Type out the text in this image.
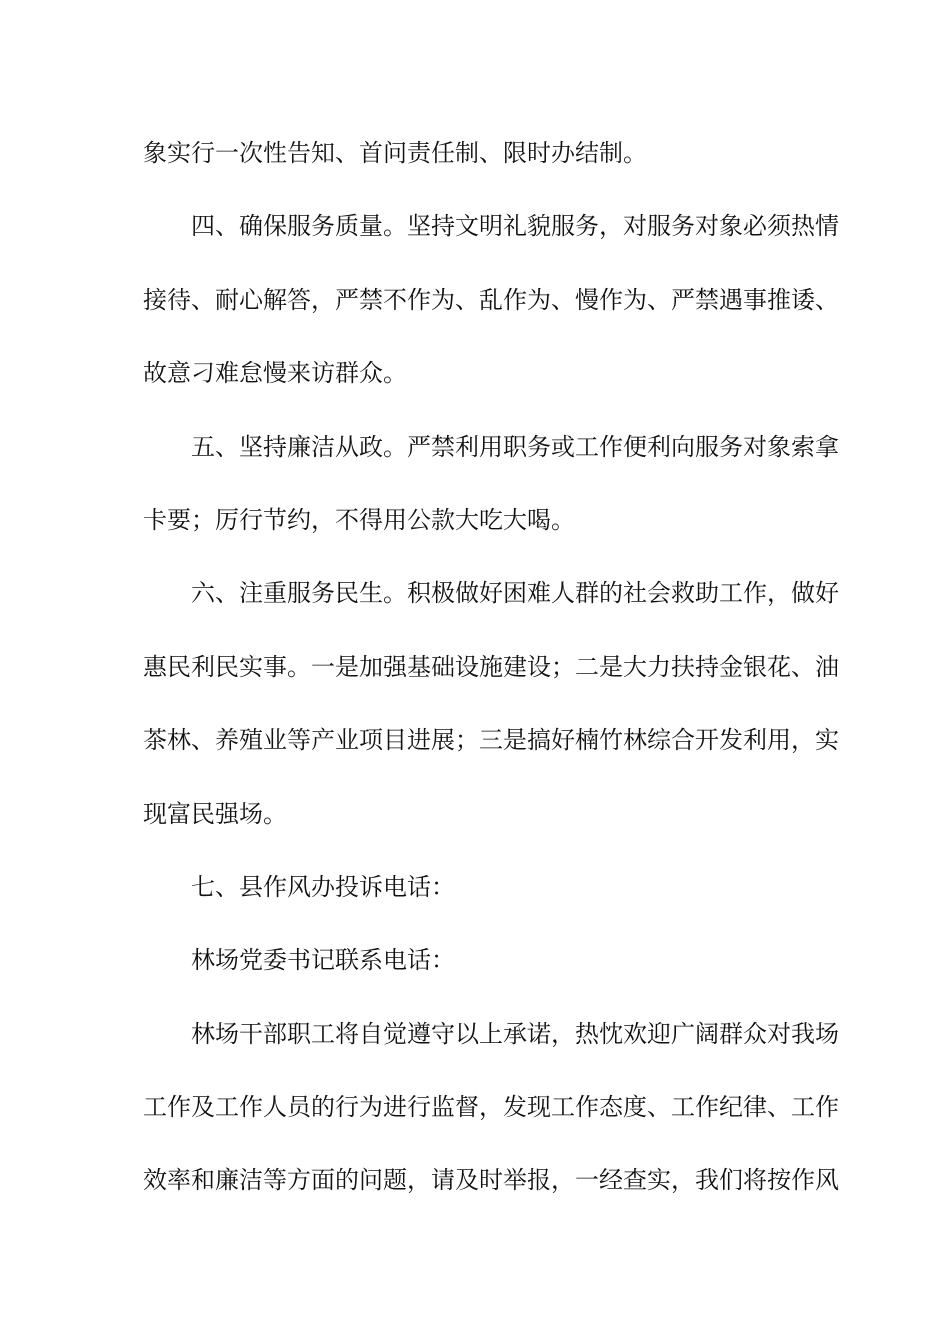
象实行一次性告知、首问责任制、限时办结制。
四、确保服务质量。坚持文明礼貌服务，对服务对象必须热情
接待、耐心解答，严禁不作为、乱作为、慢作为、严禁遇事推诿、
故意刁难怠慢来访群众。
五、坚持廉洁从政。严禁利用职务或工作便利向服务对象索拿
卡要；厉行节约，不得用公款大吃大喝。
六、注重服务民生。积极做好困难人群的社会救助工作，做好
惠民利民实事。一是加强基础设施建设；二是大力扶持金银花、油
茶林、养殖业等产业项目进展；三是搞好楠竹林综合开发利用，实
现富民强场。
七、县作风办投诉电话：
林场党委书记联系电话：
林场干部职工将自觉遵守以上承诺，热忱欢迎广阔群众对我场
工作及工作人员的行为进行监督，发现工作态度、工作纪律、工作
效率和廉洁等方面的问题，请及时举报，一经查实，我们将按作风
